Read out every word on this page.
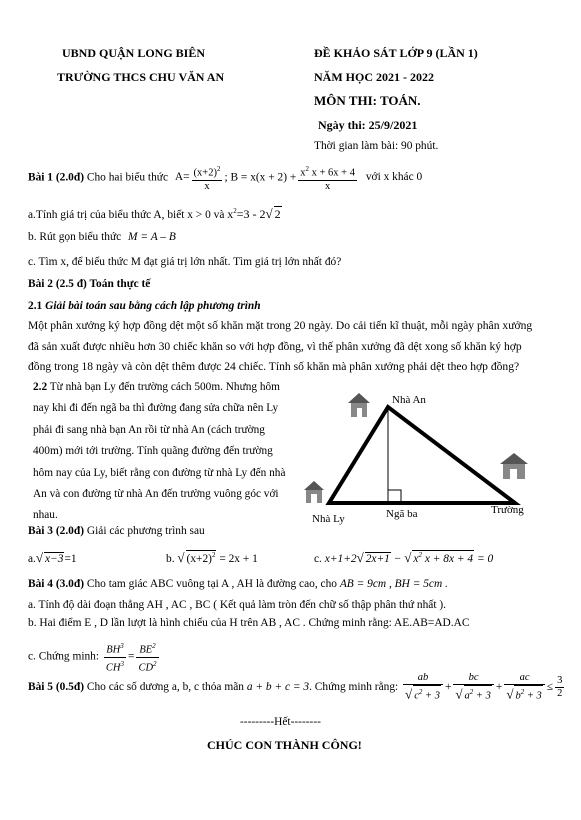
UBND QUẬN LONG BIÊN
TRƯỜNG THCS CHU VĂN AN
ĐỀ KHẢO SÁT LỚP 9 (LẦN 1)
NĂM HỌC 2021 - 2022
MÔN THI: TOÁN.
Ngày thi: 25/9/2021
Thời gian làm bài: 90 phút.
Bài 1 (2.0đ) Cho hai biểu thức $A= \frac{(x+2)^2}{x}$ ; $B = x(x + 2) + \frac{x^2 x + 6x + 4}{x}$ với x khác 0
a.Tính giá trị của biểu thức A, biết x > 0 và $x^2=3 - 2√$ 2
b. Rút gọn biểu thức M = A – B
c. Tìm x, để biểu thức M đạt giá trị lớn nhất. Tìm giá trị lớn nhất đó?
Bài 2 (2.5 đ) Toán thực tế
2.1 Giải bài toán sau bằng cách lập phương trình
Một phân xưởng ký hợp đồng dệt một số khăn mặt trong 20 ngày. Do cải tiến kĩ thuật, mỗi ngày phân xưởng
đã sản xuất được nhiều hơn 30 chiếc khăn so với hợp đồng, vì thế phân xưởng đã dệt xong số khăn ký hợp
đồng trong 18 ngày và còn dệt thêm được 24 chiếc. Tính số khăn mà phân xưởng phải dệt theo hợp đồng?
2.2 Từ nhà bạn Ly đến trường cách 500m. Nhưng hôm
nay khi đi đến ngã ba thì đường đang sửa chữa nên Ly
phải đi sang nhà bạn An rồi từ nhà An (cách trường
400m) mới tới trường. Tính quãng đường đến trường
hôm nay của Ly, biết rằng con đường từ nhà Ly đến nhà
An và con đường từ nhà An đến trường vuông góc với
nhau.
Nhà An
Nhà Ly	Ngã ba	Trường
Bài 3 (2.0đ) Giải các phương trình sau
a.√ x−3=1	b. √ $(x+2)^2 = 2x + 1$	c. x+1+2√ 2x+1 − √ $x^2$ x + 8x + 4 = 0
Bài 4 (3.0đ) Cho tam giác ABC vuông tại A , AH là đường cao, cho AB = 9cm , BH = 5cm .
a. Tính độ dài đoạn thẳng AH , AC , BC ( Kết quả làm tròn đến chữ số thập phân thứ nhất ).
b. Hai điểm E , D lần lượt là hình chiếu của H trên AB , AC . Chứng minh rằng: AE.AB=AD.AC
c. Chứng minh: $\frac{BH^3}{CH^3} = \frac{BE^2}{CD^2}$
Bài 5 (0.5đ) Cho các số dương a, b, c thỏa mãn a + b + c = 3. Chứng minh rằng: $\frac{ab}{√ c^2 + 3} + \frac{bc}{√ a^2 + 3} + \frac{ac}{√ b^2 + 3} \le \frac{3}{2}$
---------Hết--------
CHÚC CON THÀNH CÔNG!
